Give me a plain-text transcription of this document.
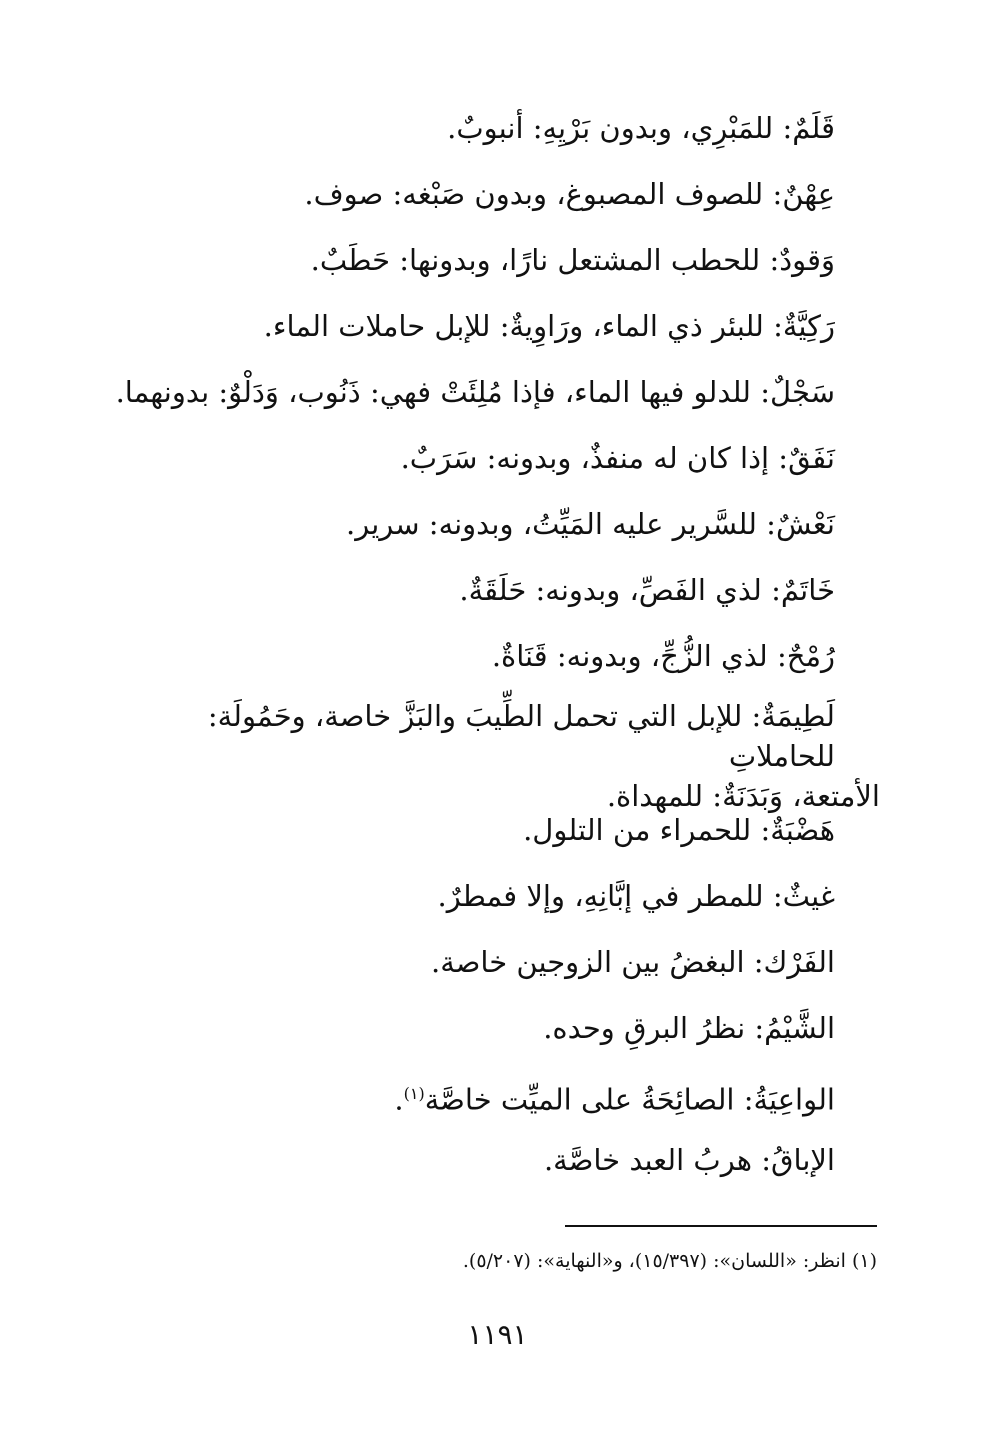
قَلَمٌ: للمَبْرِي، وبدون بَرْيِهِ: أنبوبٌ.
عِهْنٌ: للصوف المصبوغ، وبدون صَبْغه: صوف.
وَقودٌ: للحطب المشتعل نارًا، وبدونها: حَطَبٌ.
رَكِيَّةٌ: للبئر ذي الماء، ورَاوِيةٌ: للإبل حاملات الماء.
سَجْلٌ: للدلو فيها الماء، فإذا مُلِئَتْ فهي: ذَنُوب، وَدَلْوٌ: بدونهما.
نَفَقٌ: إذا كان له منفذٌ، وبدونه: سَرَبٌ.
نَعْشٌ: للسَّرير عليه المَيِّتُ، وبدونه: سرير.
خَاتَمٌ: لذي الفَصِّ، وبدونه: حَلَقَةٌ.
رُمْحٌ: لذي الزُّجِّ، وبدونه: قَنَاةٌ.
لَطِيمَةٌ: للإبل التي تحمل الطِّيبَ والبَزَّ خاصة، وحَمُولَة: للحاملاتِ
الأمتعة، وَبَدَنَةٌ: للمهداة.
هَضْبَةٌ: للحمراء من التلول.
غيثٌ: للمطر في إبَّانِهِ، وإلا فمطرٌ.
الفَرْك: البغضُ بين الزوجين خاصة.
الشَّيْمُ: نظرُ البرقِ وحده.
الواعِيَةُ: الصائِحَةُ على الميِّت خاصَّة$^{(١)}$.
الإباقُ: هربُ العبد خاصَّة.
(١) انظر: «اللسان»: (١٥/٣٩٧)، و«النهاية»: (٥/٢٠٧).
١١٩١
